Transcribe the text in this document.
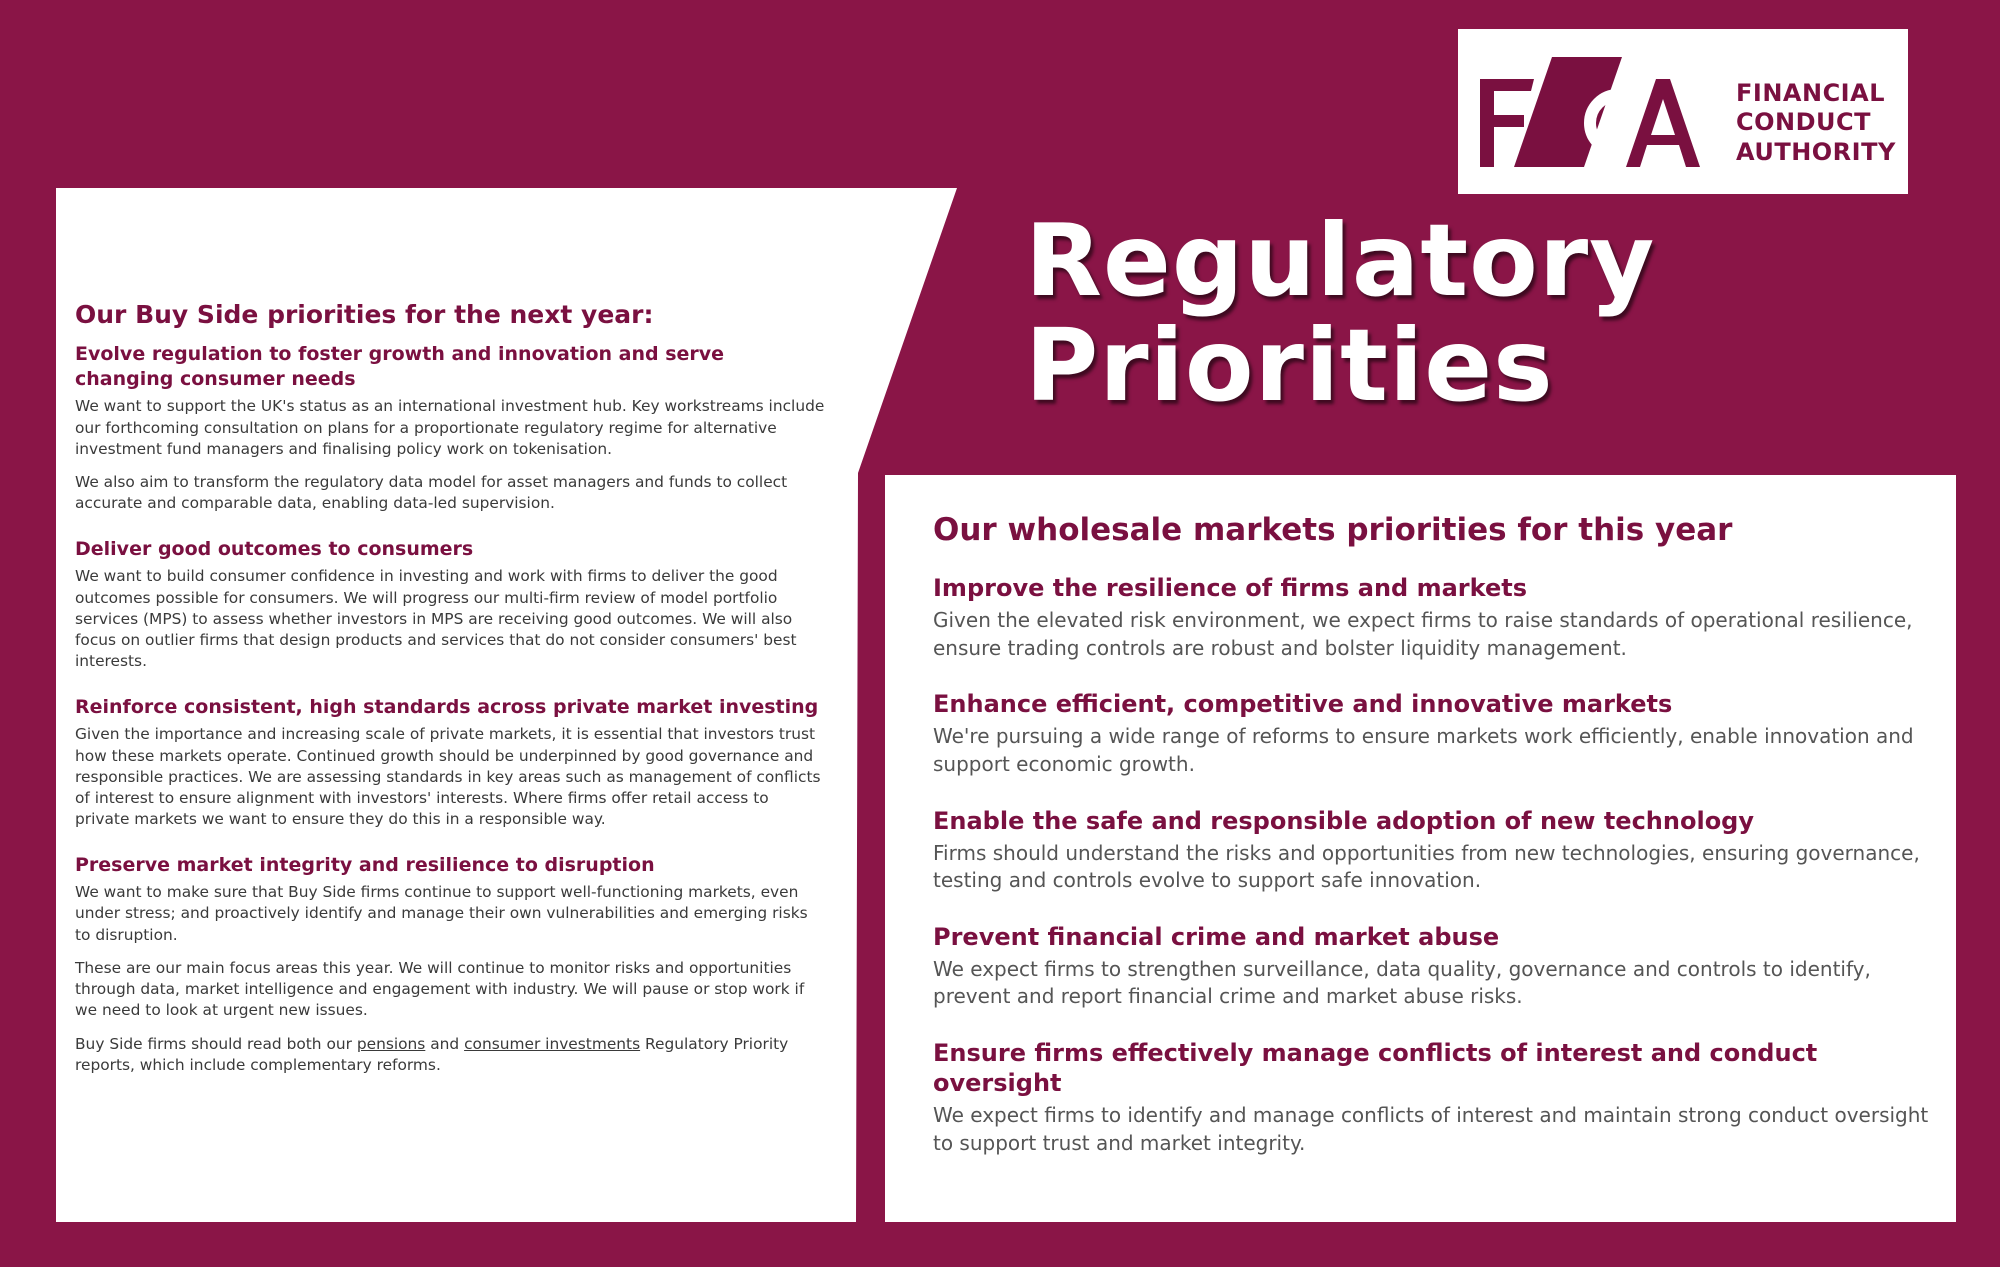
FINANCIAL
CONDUCT
AUTHORITY
Regulatory
Priorities
Our Buy Side priorities for the next year:
Evolve regulation to foster growth and innovation and serve changing consumer needs

We want to support the UK's status as an international investment hub. Key workstreams include our forthcoming consultation on plans for a proportionate regulatory regime for alternative investment fund managers and finalising policy work on tokenisation.

We also aim to transform the regulatory data model for asset managers and funds to collect accurate and comparable data, enabling data-led supervision.

Deliver good outcomes to consumers

We want to build consumer confidence in investing and work with firms to deliver the good outcomes possible for consumers. We will progress our multi-firm review of model portfolio services (MPS) to assess whether investors in MPS are receiving good outcomes. We will also focus on outlier firms that design products and services that do not consider consumers' best interests.

Reinforce consistent, high standards across private market investing

Given the importance and increasing scale of private markets, it is essential that investors trust how these markets operate. Continued growth should be underpinned by good governance and responsible practices. We are assessing standards in key areas such as management of conflicts of interest to ensure alignment with investors' interests. Where firms offer retail access to private markets we want to ensure they do this in a responsible way.

Preserve market integrity and resilience to disruption

We want to make sure that Buy Side firms continue to support well-functioning markets, even under stress; and proactively identify and manage their own vulnerabilities and emerging risks to disruption.

These are our main focus areas this year. We will continue to monitor risks and opportunities through data, market intelligence and engagement with industry. We will pause or stop work if we need to look at urgent new issues.

Buy Side firms should read both our pensions and consumer investments Regulatory Priority reports, which include complementary reforms.

Our wholesale markets priorities for this year
Improve the resilience of firms and markets

Given the elevated risk environment, we expect firms to raise standards of operational resilience, ensure trading controls are robust and bolster liquidity management.

Enhance efficient, competitive and innovative markets

We're pursuing a wide range of reforms to ensure markets work efficiently, enable innovation and support economic growth.

Enable the safe and responsible adoption of new technology

Firms should understand the risks and opportunities from new technologies, ensuring governance, testing and controls evolve to support safe innovation.

Prevent financial crime and market abuse

We expect firms to strengthen surveillance, data quality, governance and controls to identify, prevent and report financial crime and market abuse risks.

Ensure firms effectively manage conflicts of interest and conduct oversight

We expect firms to identify and manage conflicts of interest and maintain strong conduct oversight to support trust and market integrity.
